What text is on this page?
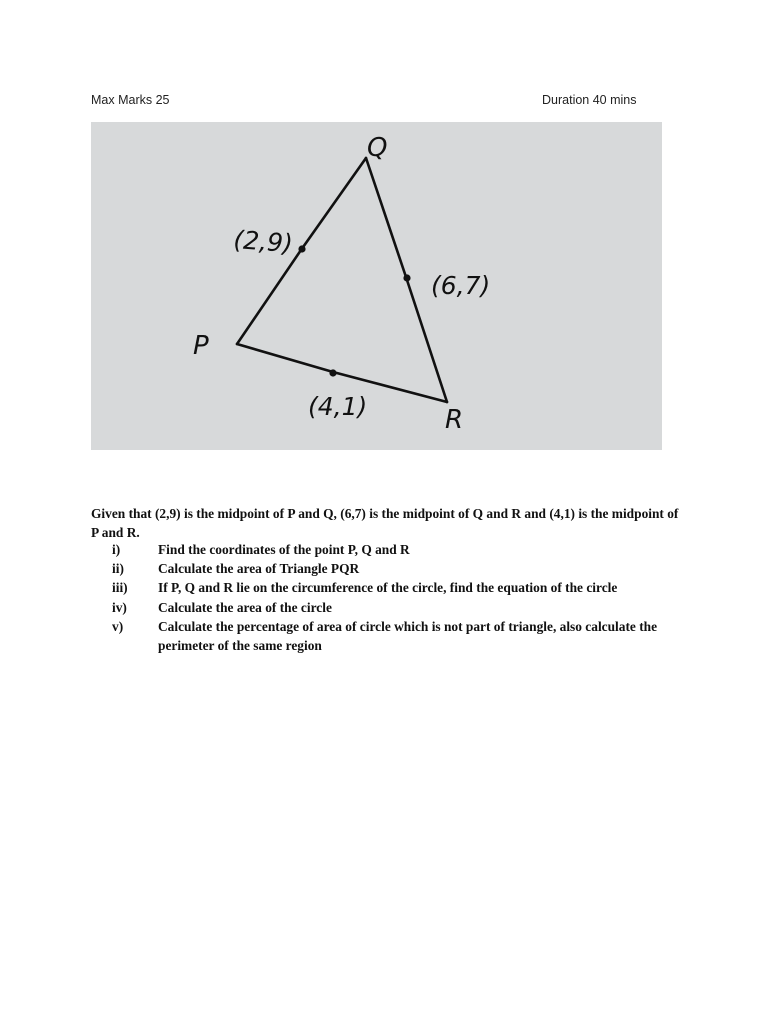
Max Marks 25	Duration 40 mins
Q
P
R
(2,9)
(6,7)
(4,1)

Given that (2,9) is the midpoint of P and Q, (6,7) is the midpoint of Q and R and (4,1) is the midpoint of P and R.

i)	Find the coordinates of the point P, Q and R
ii)	Calculate the area of Triangle PQR
iii) If P, Q and R lie on the circumference of the circle, find the equation of the circle
iv) Calculate the area of the circle
v)	Calculate the percentage of area of circle which is not part of triangle, also calculate the perimeter of the same region
